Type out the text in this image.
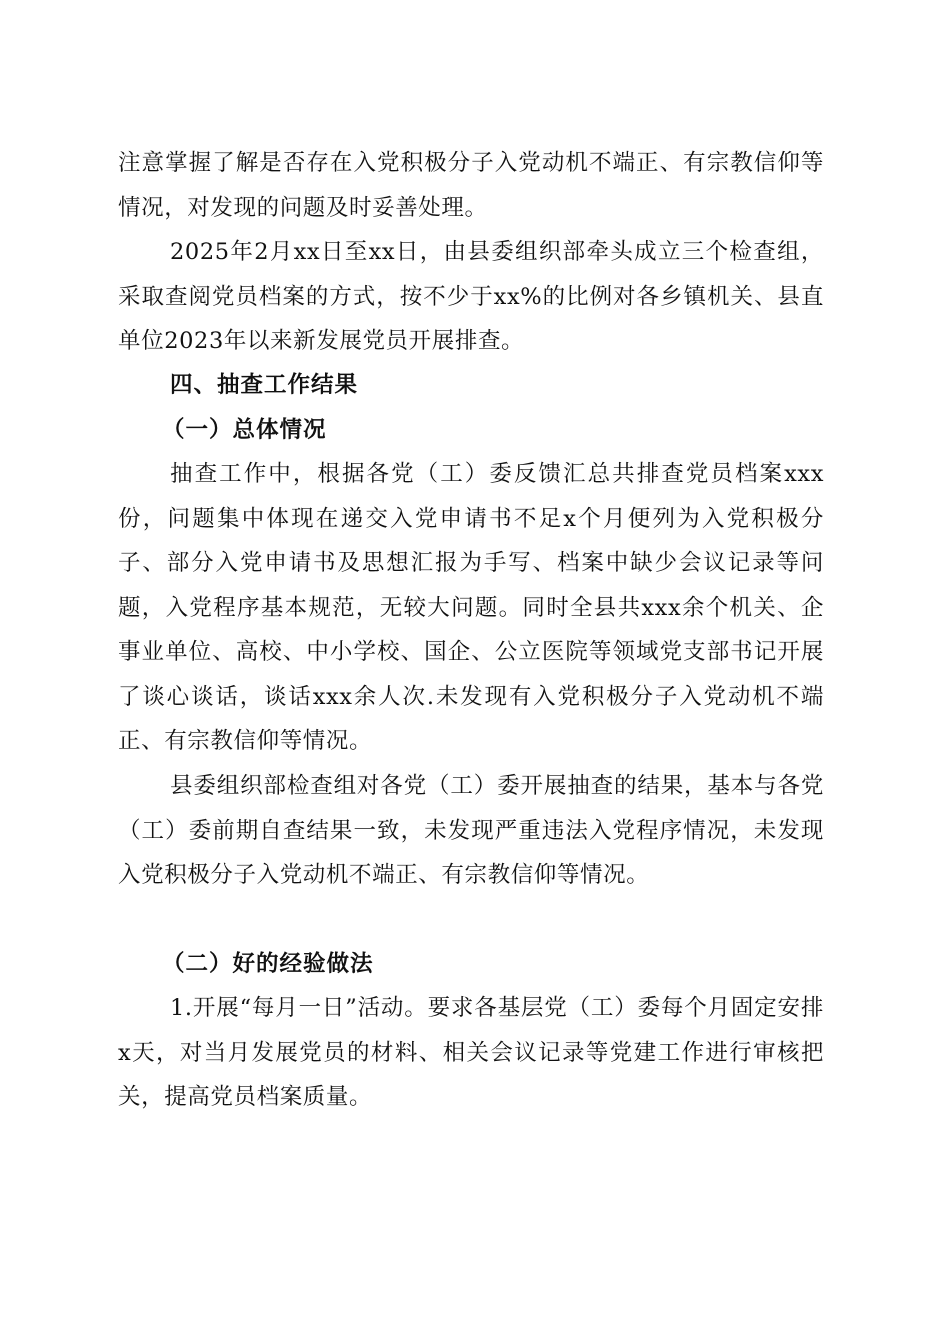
注意掌握了解是否存在入党积极分子入党动机不端正、有宗教信仰等情况，对发现的问题及时妥善处理。

2025年2月xx日至xx日，由县委组织部牵头成立三个检查组，采取查阅党员档案的方式，按不少于xx%的比例对各乡镇机关、县直单位2023年以来新发展党员开展排查。

四、抽查工作结果
（一）总体情况

抽查工作中，根据各党（工）委反馈汇总共排查党员档案xxx份，问题集中体现在递交入党申请书不足x个月便列为入党积极分子、部分入党申请书及思想汇报为手写、档案中缺少会议记录等问题，入党程序基本规范，无较大问题。同时全县共xxx余个机关、企事业单位、高校、中小学校、国企、公立医院等领域党支部书记开展了谈心谈话，谈话xxx余人次.未发现有入党积极分子入党动机不端正、有宗教信仰等情况。

县委组织部检查组对各党（工）委开展抽查的结果，基本与各党（工）委前期自查结果一致，未发现严重违法入党程序情况，未发现入党积极分子入党动机不端正、有宗教信仰等情况。

（二）好的经验做法

1.开展“每月一日”活动。要求各基层党（工）委每个月固定安排x天，对当月发展党员的材料、相关会议记录等党建工作进行审核把关，提高党员档案质量。
